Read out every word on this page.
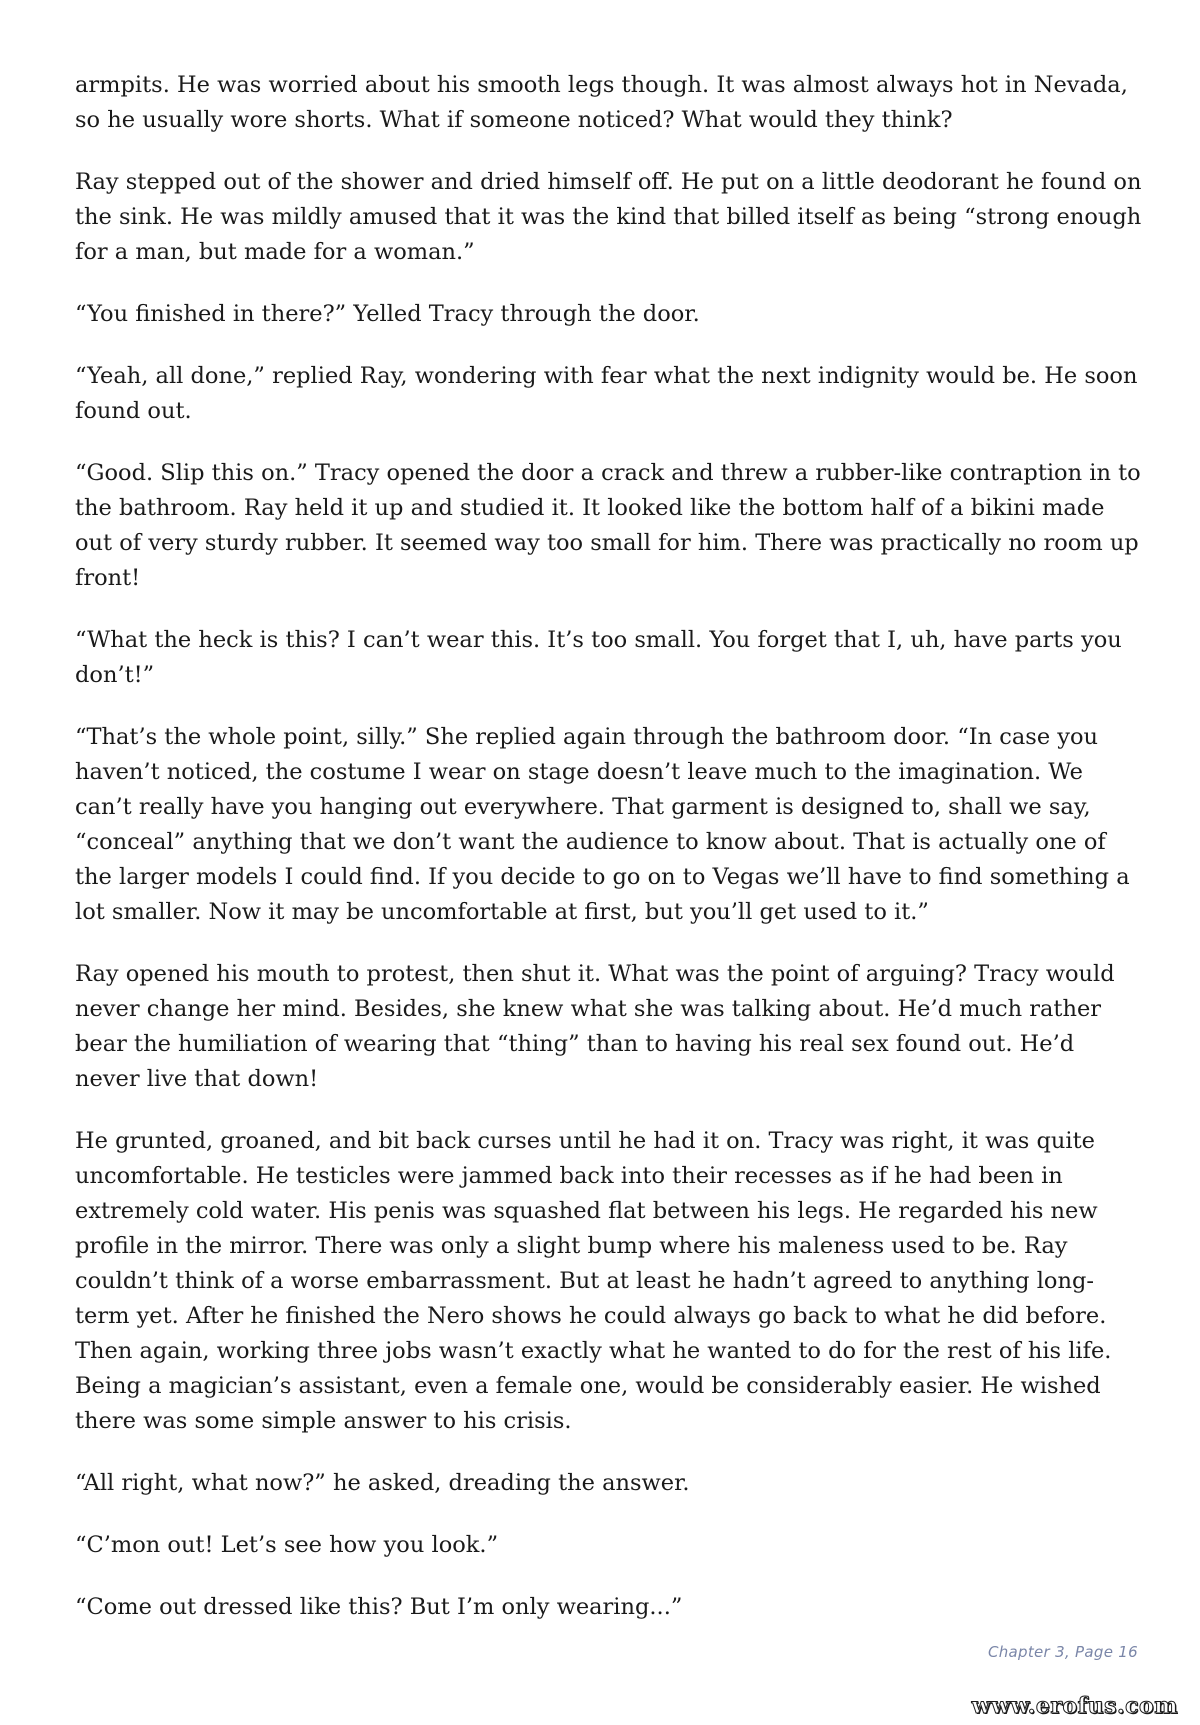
armpits. He was worried about his smooth legs though. It was almost always hot in Nevada, so he usually wore shorts. What if someone noticed? What would they think?

Ray stepped out of the shower and dried himself off. He put on a little deodorant he found on the sink. He was mildly amused that it was the kind that billed itself as being “strong enough for a man, but made for a woman.”

“You finished in there?” Yelled Tracy through the door.

“Yeah, all done,” replied Ray, wondering with fear what the next indignity would be. He soon found out.

“Good. Slip this on.” Tracy opened the door a crack and threw a rubber-like contraption in to the bathroom. Ray held it up and studied it. It looked like the bottom half of a bikini made out of very sturdy rubber. It seemed way too small for him. There was practically no room up front!

“What the heck is this? I can’t wear this. It’s too small. You forget that I, uh, have parts you don’t!”

“That’s the whole point, silly.” She replied again through the bathroom door. “In case you haven’t noticed, the costume I wear on stage doesn’t leave much to the imagination. We can’t really have you hanging out everywhere. That garment is designed to, shall we say, “conceal” anything that we don’t want the audience to know about. That is actually one of the larger models I could find. If you decide to go on to Vegas we’ll have to find something a lot smaller. Now it may be uncomfortable at first, but you’ll get used to it.”

Ray opened his mouth to protest, then shut it. What was the point of arguing? Tracy would never change her mind. Besides, she knew what she was talking about. He’d much rather bear the humiliation of wearing that “thing” than to having his real sex found out. He’d never live that down!

He grunted, groaned, and bit back curses until he had it on. Tracy was right, it was quite uncomfortable. He testicles were jammed back into their recesses as if he had been in extremely cold water. His penis was squashed flat between his legs. He regarded his new profile in the mirror. There was only a slight bump where his maleness used to be. Ray couldn’t think of a worse embarrassment. But at least he hadn’t agreed to anything long-term yet. After he finished the Nero shows he could always go back to what he did before. Then again, working three jobs wasn’t exactly what he wanted to do for the rest of his life. Being a magician’s assistant, even a female one, would be considerably easier. He wished there was some simple answer to his crisis.

“All right, what now?” he asked, dreading the answer.

“C’mon out! Let’s see how you look.”

“Come out dressed like this? But I’m only wearing...”

Chapter 3, Page 16
www.erofus.com
